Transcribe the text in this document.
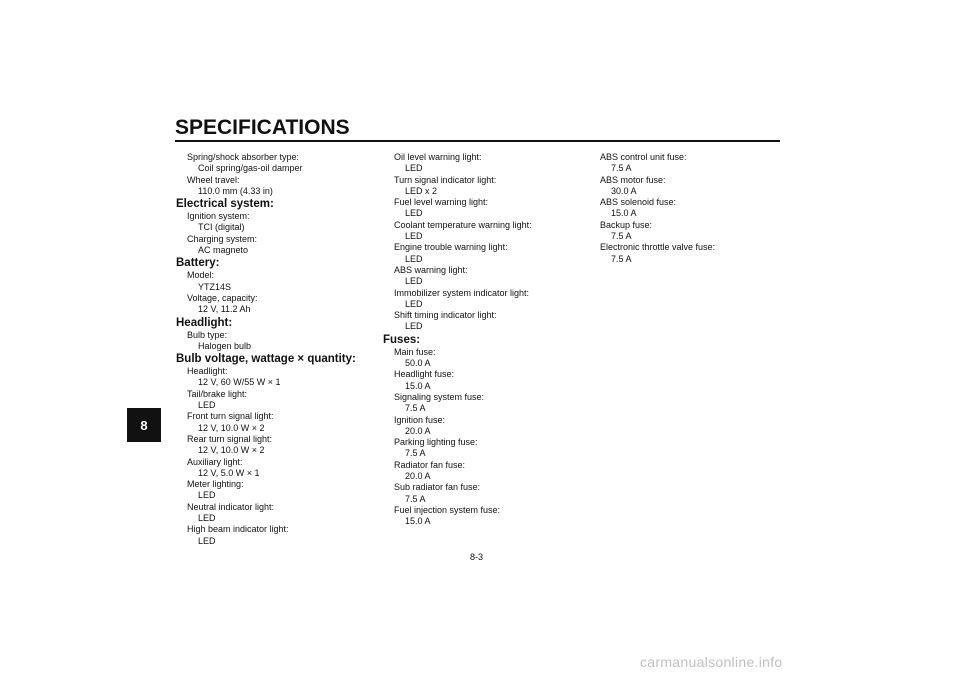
SPECIFICATIONS
8
Spring/shock absorber type:
Coil spring/gas-oil damper
Wheel travel:
110.0 mm (4.33 in)
Electrical system:
Ignition system:
TCI (digital)
Charging system:
AC magneto
Battery:
Model:
YTZ14S
Voltage, capacity:
12 V, 11.2 Ah
Headlight:
Bulb type:
Halogen bulb
Bulb voltage, wattage × quantity:
Headlight:
12 V, 60 W/55 W × 1
Tail/brake light:
LED
Front turn signal light:
12 V, 10.0 W × 2
Rear turn signal light:
12 V, 10.0 W × 2
Auxiliary light:
12 V, 5.0 W × 1
Meter lighting:
LED
Neutral indicator light:
LED
High beam indicator light:
LED
Oil level warning light:
LED
Turn signal indicator light:
LED x 2
Fuel level warning light:
LED
Coolant temperature warning light:
LED
Engine trouble warning light:
LED
ABS warning light:
LED
Immobilizer system indicator light:
LED
Shift timing indicator light:
LED
Fuses:
Main fuse:
50.0 A
Headlight fuse:
15.0 A
Signaling system fuse:
7.5 A
Ignition fuse:
20.0 A
Parking lighting fuse:
7.5 A
Radiator fan fuse:
20.0 A
Sub radiator fan fuse:
7.5 A
Fuel injection system fuse:
15.0 A
ABS control unit fuse:
7.5 A
ABS motor fuse:
30.0 A
ABS solenoid fuse:
15.0 A
Backup fuse:
7.5 A
Electronic throttle valve fuse:
7.5 A
8-3
carmanualsonline.info
